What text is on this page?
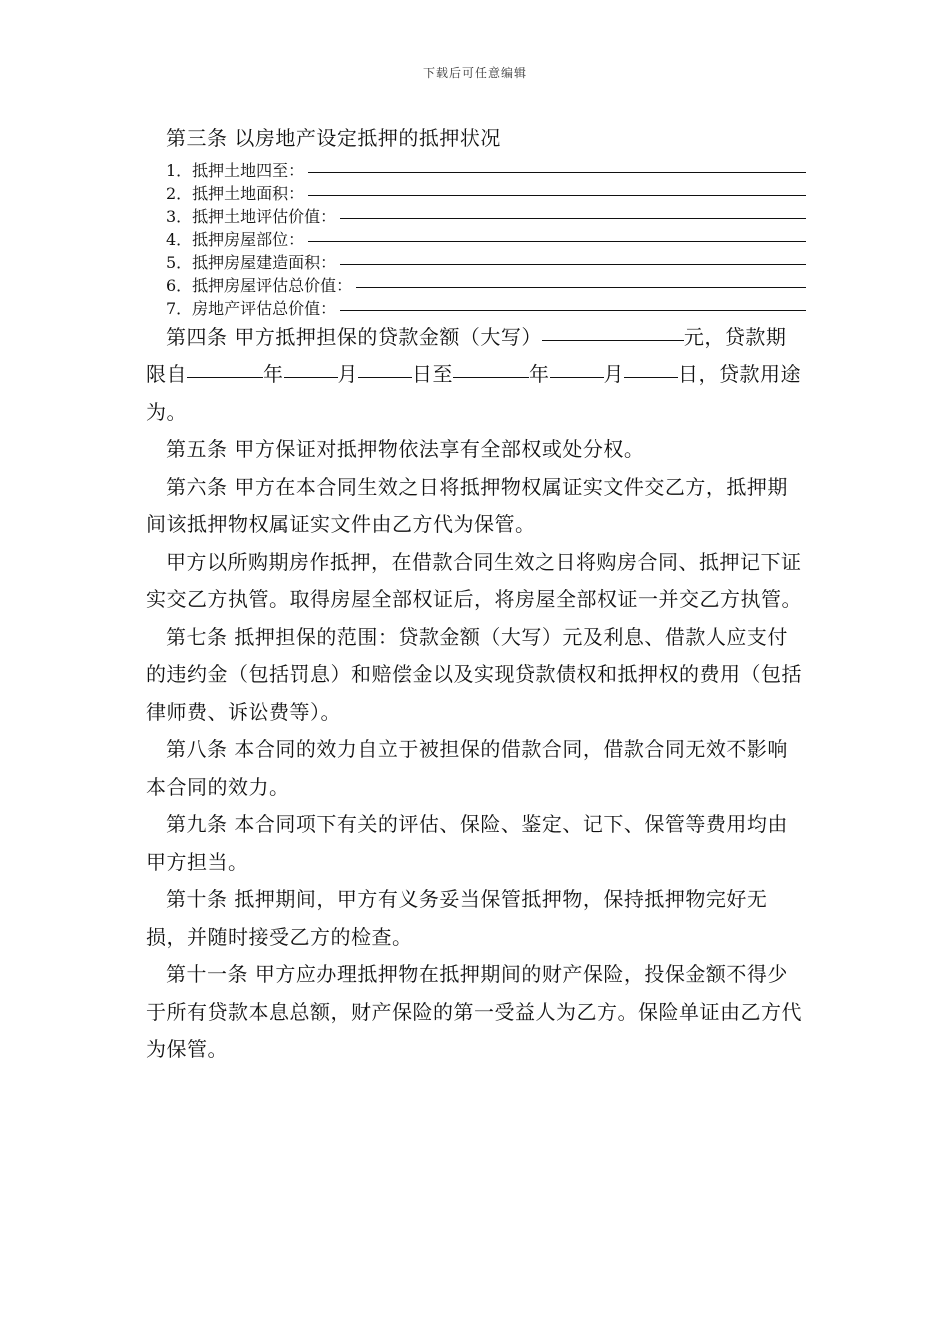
下载后可任意编辑

第三条 以房地产设定抵押的抵押状况

1．抵押土地四至：
2．抵押土地面积：
3．抵押土地评估价值：
4．抵押房屋部位：
5．抵押房屋建造面积：
6．抵押房屋评估总价值：
7．房地产评估总价值：

第四条 甲方抵押担保的贷款金额（大写）	元，贷款期限自	年	月	日至	年	月	日，贷款用途为。

第五条 甲方保证对抵押物依法享有全部权或处分权。

第六条 甲方在本合同生效之日将抵押物权属证实文件交乙方，抵押期间该抵押物权属证实文件由乙方代为保管。

甲方以所购期房作抵押，在借款合同生效之日将购房合同、抵押记下证实交乙方执管。取得房屋全部权证后，将房屋全部权证一并交乙方执管。

第七条 抵押担保的范围：贷款金额（大写）元及利息、借款人应支付的违约金（包括罚息）和赔偿金以及实现贷款债权和抵押权的费用（包括律师费、诉讼费等）。

第八条 本合同的效力自立于被担保的借款合同，借款合同无效不影响本合同的效力。

第九条 本合同项下有关的评估、保险、鉴定、记下、保管等费用均由甲方担当。

第十条 抵押期间，甲方有义务妥当保管抵押物，保持抵押物完好无损，并随时接受乙方的检查。

第十一条 甲方应办理抵押物在抵押期间的财产保险，投保金额不得少于所有贷款本息总额，财产保险的第一受益人为乙方。保险单证由乙方代为保管。
